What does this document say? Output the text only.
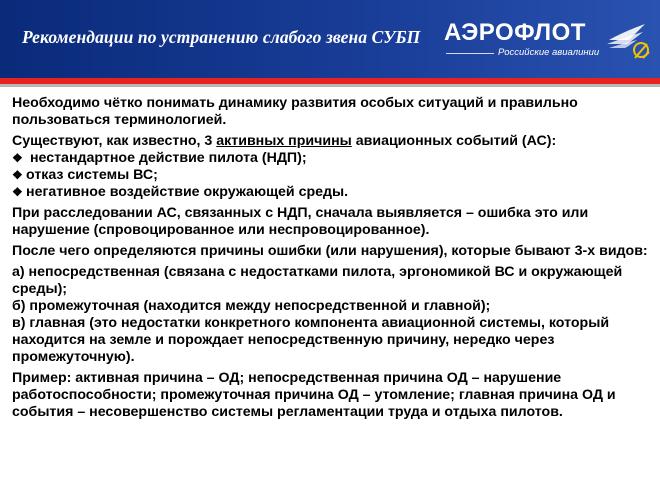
Рекомендации по устранению слабого звена СУБП АЭРОФЛОТ
Российские авиалинии

Необходимо чётко понимать динамику развития особых ситуаций и правильно пользоваться терминологией.

Существуют, как известно, 3 активных причины авиационных событий (АС):

❖ нестандартное действие пилота (НДП);

❖ отказ системы ВС;

❖ негативное воздействие окружающей среды.

При расследовании АС, связанных с НДП, сначала выявляется – ошибка это или нарушение (спровоцированное или неспровоцированное).

После чего определяются причины ошибки (или нарушения), которые бывают 3-х видов:

а) непосредственная (связана с недостатками пилота, эргономикой ВС и окружающей среды);

б) промежуточная (находится между непосредственной и главной);

в) главная (это недостатки конкретного компонента авиационной системы, который находится на земле и порождает непосредственную причину, нередко через промежуточную).

Пример: активная причина – ОД; непосредственная причина ОД – нарушение работоспособности; промежуточная причина ОД – утомление; главная причина ОД и события – несовершенство системы регламентации труда и отдыха пилотов.
